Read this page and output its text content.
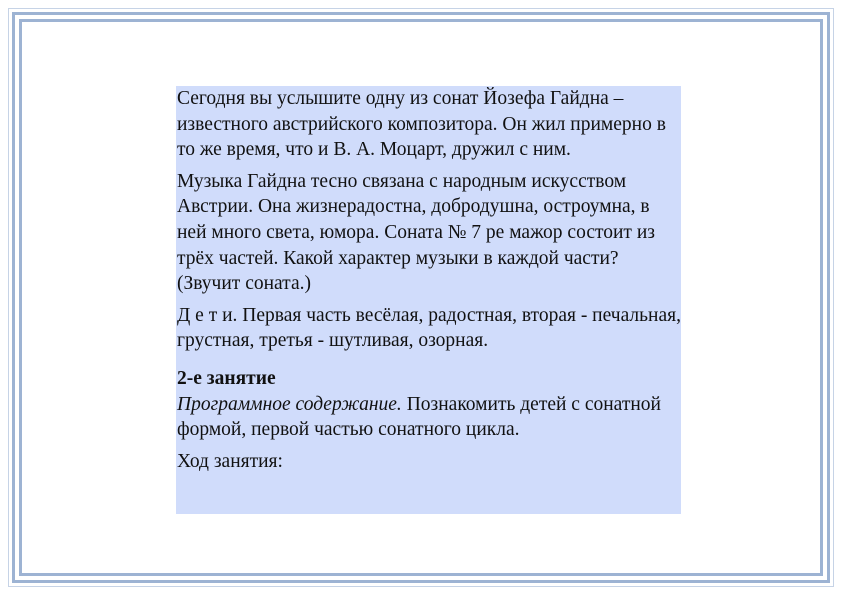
Сегодня вы услышите одну из сонат Йозефа Гайдна – известного австрийского композитора. Он жил примерно в то же время, что и В. А. Моцарт, дружил с ним.

Музыка Гайдна тесно связана с народным искусством Австрии. Она жизнерадостна, добродушна, остроумна, в ней много света, юмора. Соната № 7 ре мажор состоит из трёх частей. Какой характер музыки в каждой части? (Звучит соната.)

Д е т и. Первая часть весёлая, радостная, вторая - печальная, грустная, третья - шутливая, озорная.

2-е занятие

Программное содержание. Познакомить детей с сонатной формой, первой частью сонатного цикла.

Ход занятия:
